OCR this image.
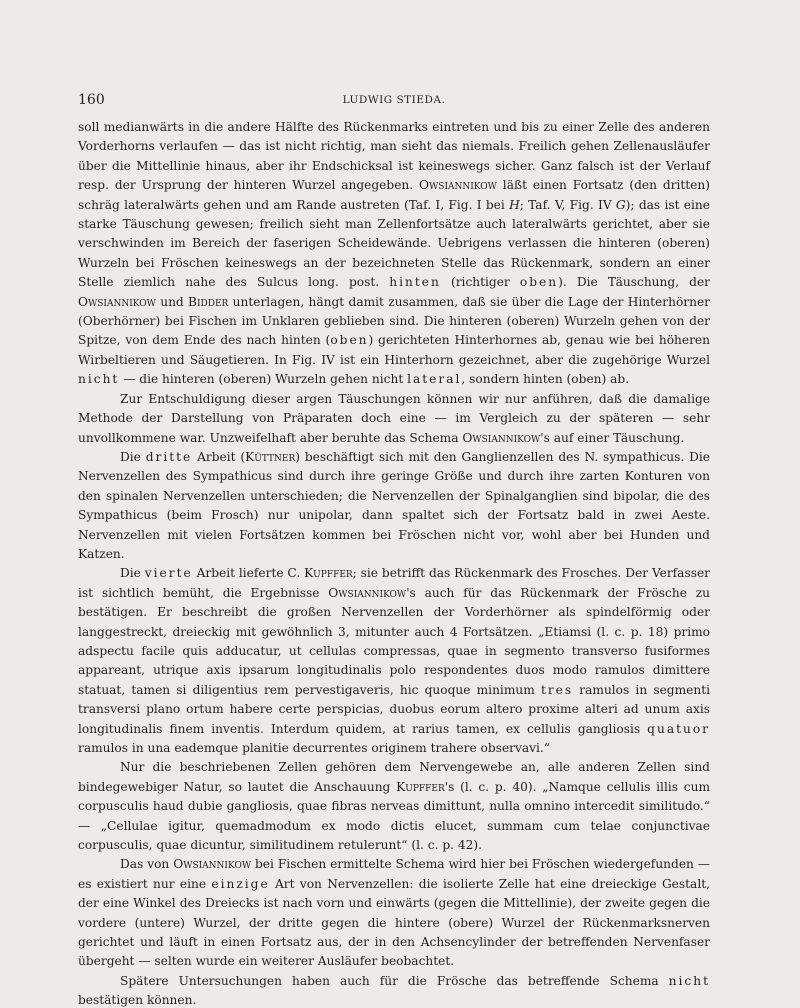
160	LUDWIG STIEDA.

soll medianwärts in die andere Hälfte des Rückenmarks eintreten und bis zu einer Zelle des anderen Vorderhorns verlaufen — das ist nicht richtig, man sieht das niemals. Freilich gehen Zellenausläufer über die Mittellinie hinaus, aber ihr Endschicksal ist keineswegs sicher. Ganz falsch ist der Verlauf resp. der Ursprung der hinteren Wurzel angegeben. Owsiannikow läßt einen Fortsatz (den dritten) schräg lateralwärts gehen und am Rande austreten (Taf. I, Fig. I bei H; Taf. V, Fig. IV G); das ist eine starke Täuschung gewesen; freilich sieht man Zellenfortsätze auch lateralwärts gerichtet, aber sie verschwinden im Bereich der faserigen Scheidewände. Uebrigens verlassen die hinteren (oberen) Wurzeln bei Fröschen keineswegs an der bezeichneten Stelle das Rückenmark, sondern an einer Stelle ziemlich nahe des Sulcus long. post. hinten (richtiger oben). Die Täuschung, der Owsiannikow und Bidder unterlagen, hängt damit zusammen, daß sie über die Lage der Hinterhörner (Oberhörner) bei Fischen im Unklaren geblieben sind. Die hinteren (oberen) Wurzeln gehen von der Spitze, von dem Ende des nach hinten (oben) gerichteten Hinterhornes ab, genau wie bei höheren Wirbeltieren und Säugetieren. In Fig. IV ist ein Hinterhorn gezeichnet, aber die zugehörige Wurzel nicht — die hinteren (oberen) Wurzeln gehen nicht lateral, sondern hinten (oben) ab.

Zur Entschuldigung dieser argen Täuschungen können wir nur anführen, daß die damalige Methode der Darstellung von Präparaten doch eine — im Vergleich zu der späteren — sehr unvollkommene war. Unzweifelhaft aber beruhte das Schema Owsiannikow's auf einer Täuschung.

Die dritte Arbeit (Küttner) beschäftigt sich mit den Ganglienzellen des N. sympathicus. Die Nervenzellen des Sympathicus sind durch ihre geringe Größe und durch ihre zarten Konturen von den spinalen Nervenzellen unterschieden; die Nervenzellen der Spinalganglien sind bipolar, die des Sympathicus (beim Frosch) nur unipolar, dann spaltet sich der Fortsatz bald in zwei Aeste. Nervenzellen mit vielen Fortsätzen kommen bei Fröschen nicht vor, wohl aber bei Hunden und Katzen.

Die vierte Arbeit lieferte C. Kupffer; sie betrifft das Rückenmark des Frosches. Der Verfasser ist sichtlich bemüht, die Ergebnisse Owsiannikow's auch für das Rückenmark der Frösche zu bestätigen. Er beschreibt die großen Nervenzellen der Vorderhörner als spindelförmig oder langgestreckt, dreieckig mit gewöhnlich 3, mitunter auch 4 Fortsätzen. „Etiamsi (l. c. p. 18) primo adspectu facile quis adducatur, ut cellulas compressas, quae in segmento transverso fusiformes appareant, utrique axis ipsarum longitudinalis polo respondentes duos modo ramulos dimittere statuat, tamen si diligentius rem pervestigaveris, hic quoque minimum tres ramulos in segmenti transversi plano ortum habere certe perspicias, duobus eorum altero proxime alteri ad unum axis longitudinalis finem inventis. Interdum quidem, at rarius tamen, ex cellulis gangliosis quatuor ramulos in una eademque planitie decurrentes originem trahere observavi.“

Nur die beschriebenen Zellen gehören dem Nervengewebe an, alle anderen Zellen sind bindegewebiger Natur, so lautet die Anschauung Kupffer's (l. c. p. 40). „Namque cellulis illis cum corpusculis haud dubie gangliosis, quae fibras nerveas dimittunt, nulla omnino intercedit similitudo.“ — „Cellulae igitur, quemadmodum ex modo dictis elucet, summam cum telae conjunctivae corpusculis, quae dicuntur, similitudinem retulerunt“ (l. c. p. 42).

Das von Owsiannikow bei Fischen ermittelte Schema wird hier bei Fröschen wiedergefunden — es existiert nur eine einzige Art von Nervenzellen: die isolierte Zelle hat eine dreieckige Gestalt, der eine Winkel des Dreiecks ist nach vorn und einwärts (gegen die Mittellinie), der zweite gegen die vordere (untere) Wurzel, der dritte gegen die hintere (obere) Wurzel der Rückenmarksnerven gerichtet und läuft in einen Fortsatz aus, der in den Achsencylinder der betreffenden Nervenfaser übergeht — selten wurde ein weiterer Ausläufer beobachtet.

Spätere Untersuchungen haben auch für die Frösche das betreffende Schema nicht bestätigen können.
